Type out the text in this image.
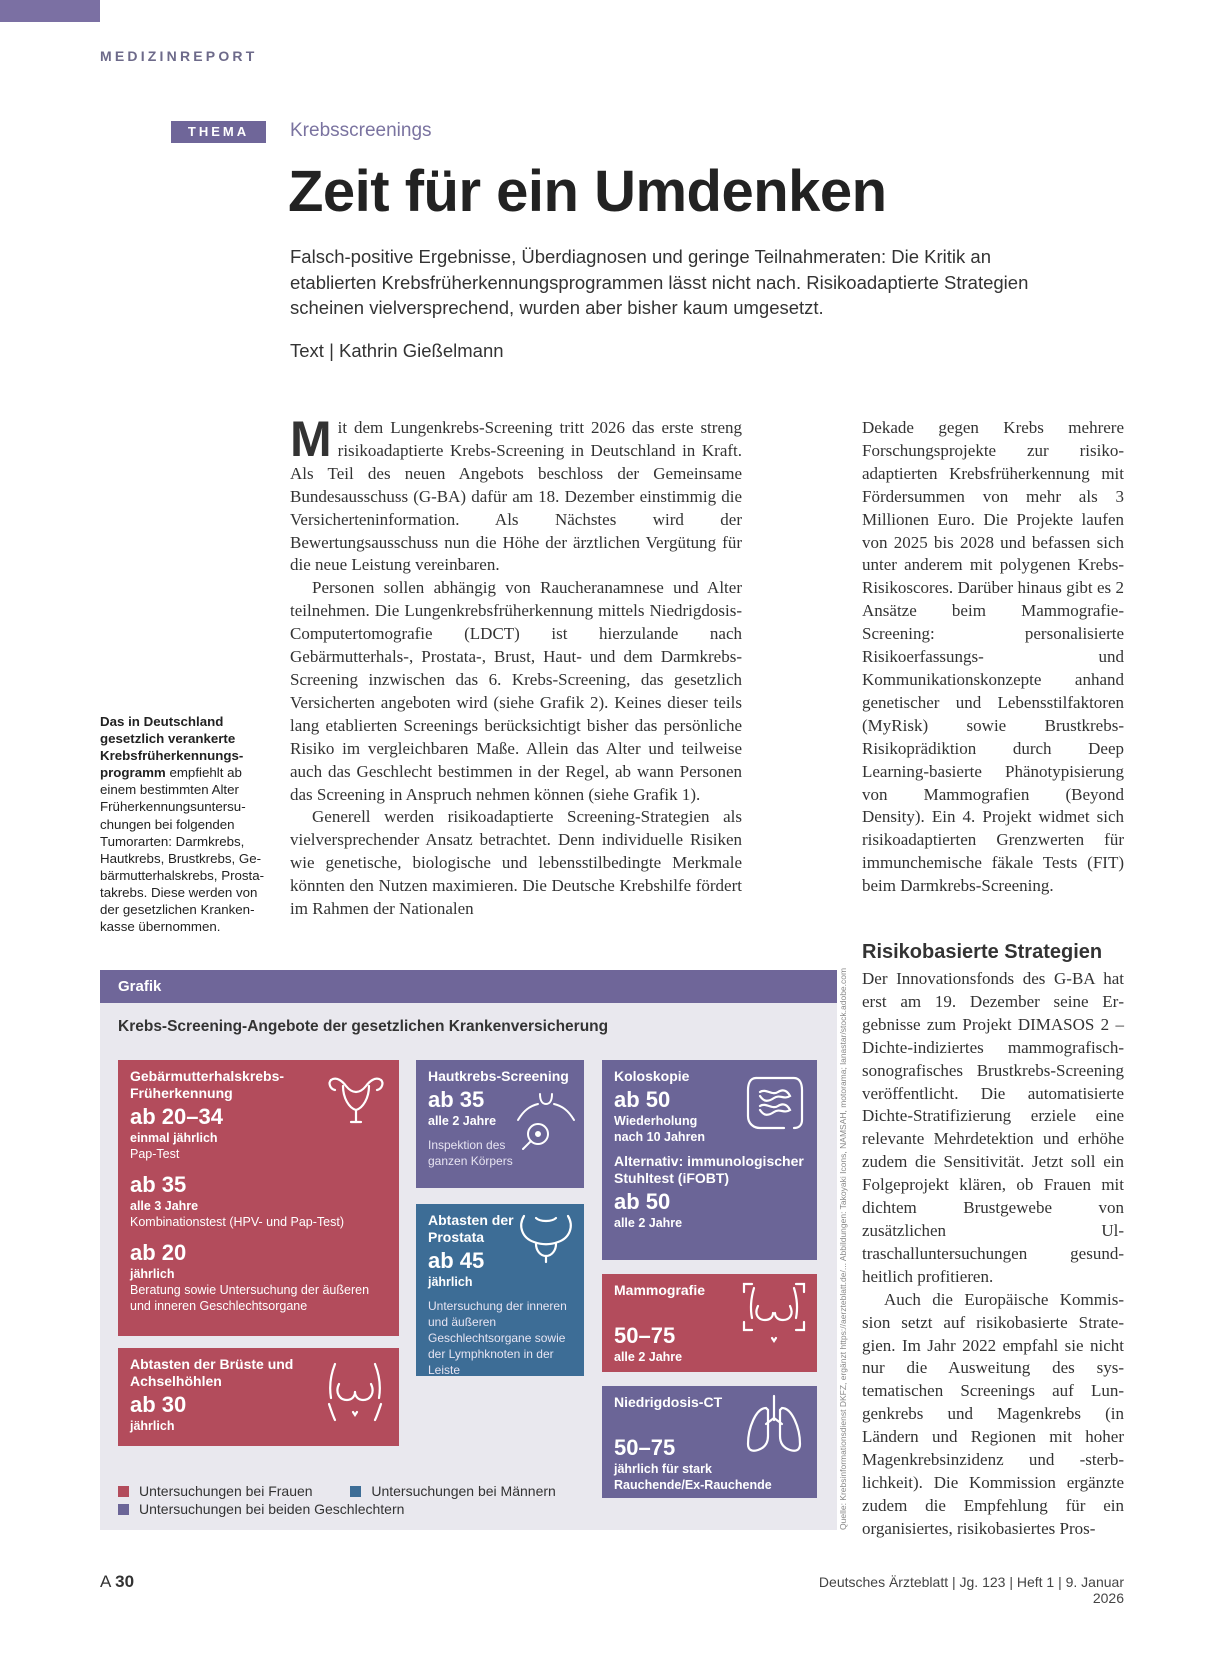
MEDIZINREPORT
THEMA	Krebsscreenings
Zeit für ein Umdenken

Falsch-positive Ergebnisse, Überdiagnosen und geringe Teilnahmeraten: Die Kritik an etablierten Krebsfrüherkennungsprogrammen lässt nicht nach. Risikoadaptierte Strategien scheinen vielversprechend, wurden aber bisher kaum umgesetzt.

Text | Kathrin Gießelmann
Das in Deutschland gesetzlich verankerte Krebsfrüherkennungsprogramm empfiehlt ab einem bestimmten Alter Früherkennungsuntersuchungen bei folgenden Tumorarten: Darmkrebs, Hautkrebs, Brustkrebs, Gebärmutterhalskrebs, Prostatakrebs. Diese werden von der gesetzlichen Krankenkasse übernommen.

Mit dem Lungenkrebs-Screening tritt 2026 das erste streng risikoadaptierte Krebs-Screening in Deutschland in Kraft. Als Teil des neuen Angebots beschloss der Gemeinsame Bundesausschuss (G-BA) dafür am 18. Dezember einstimmig die Versicherteninformation. Als Nächstes wird der Bewertungsausschuss nun die Höhe der ärztlichen Vergütung für die neue Leistung vereinbaren.

Personen sollen abhängig von Raucheranamnese und Alter teilnehmen. Die Lungenkrebsfrüherkennung mittels Niedrigdosis-Computertomografie (LDCT) ist hierzulande nach Gebärmutterhals-, Prostata-, Brust, Haut- und dem Darmkrebs-Screening inzwischen das 6. Krebs-Screening, das gesetzlich Versicherten angeboten wird (siehe Grafik 2). Keines dieser teils lang etablierten Screenings berücksichtigt bisher das persönliche Risiko im vergleichbaren Maße. Allein das Alter und teilweise auch das Geschlecht bestimmen in der Regel, ab wann Personen das Screening in Anspruch nehmen können (siehe Grafik 1).

Generell werden risikoadaptierte Screening-Strategien als vielversprechender Ansatz betrachtet. Denn individuelle Risiken wie genetische, biologische und lebensstilbedingte Merkmale könnten den Nutzen maximieren. Die Deutsche Krebshilfe fördert im Rahmen der Nationalen

Dekade gegen Krebs mehrere Forschungsprojekte zur risikoadaptierten Krebsfrüherkennung mit Fördersummen von mehr als 3 Millionen Euro. Die Projekte laufen von 2025 bis 2028 und befassen sich unter anderem mit polygenen Krebs-Risikoscores. Darüber hinaus gibt es 2 Ansätze beim Mammografie-Screening: personalisierte Risikoerfassungs- und Kommunikationskonzepte anhand genetischer und Lebensstilfaktoren (MyRisk) sowie Brustkrebs-Risikoprädiktion durch Deep Learning-basierte Phänotypisierung von Mammografien (Beyond Density). Ein 4. Projekt widmet sich risikoadaptierten Grenzwerten für immunchemische fäkale Tests (FIT) beim Darmkrebs-Screening.

Risikobasierte Strategien

Der Innovationsfonds des G-BA hat erst am 19. Dezember seine Ergebnisse zum Projekt DIMASOS 2 – Dichte-indiziertes mammografisch-sonografisches Brustkrebs-Screening veröffentlicht. Die automatisierte Dichte-Stratifizierung erziele eine relevante Mehrdetektion und erhöhe zudem die Sensitivität. Jetzt soll ein Folgeprojekt klären, ob Frauen mit dichtem Brustgewebe von zusätzlichen Ultraschalluntersuchungen gesundheitlich profitieren.

Auch die Europäische Kommission setzt auf risikobasierte Strategien. Im Jahr 2022 empfahl sie nicht nur die Ausweitung des systematischen Screenings auf Lungenkrebs und Magenkrebs (in Ländern und Regionen mit hoher Magenkrebsinzidenz und -sterblichkeit). Die Kommission ergänzte zudem die Empfehlung für ein organisiertes, risikobasiertes Pros-

Grafik
Krebs-Screening-Angebote der gesetzlichen Krankenversicherung
Gebärmutterhalskrebs-Früherkennung
ab 20–34
einmal jährlich
Pap-Test
ab 35
alle 3 Jahre
Kombinationstest (HPV- und Pap-Test)
ab 20
jährlich
Beratung sowie Untersuchung der äußeren und inneren Geschlechtsorgane
Abtasten der Brüste und Achselhöhlen
ab 30
jährlich
Hautkrebs-Screening
ab 35
alle 2 Jahre
Inspektion des ganzen Körpers
Abtasten der Prostata
ab 45
jährlich
Untersuchung der inneren und äußeren Geschlechtsorgane sowie der Lymphknoten in der Leiste
Koloskopie
ab 50
Wiederholung nach 10 Jahren
Alternativ: immunologischer Stuhltest (iFOBT)
ab 50
alle 2 Jahre
Mammografie
50–75
alle 2 Jahre
Niedrigdosis-CT
50–75
jährlich für stark Rauchende/Ex-Rauchende
Untersuchungen bei Frauen	Untersuchungen bei Männern
Untersuchungen bei beiden Geschlechtern	Quelle: Krebsinformationsdienst DKFZ, ergänzt https://aerzteblatt.de/... Abbildungen: Takoyaki Icons, NAMSAH, motorama; lanastar/stock.adobe.com
A 30	Deutsches Ärzteblatt | Jg. 123 | Heft 1 | 9. Januar 2026
